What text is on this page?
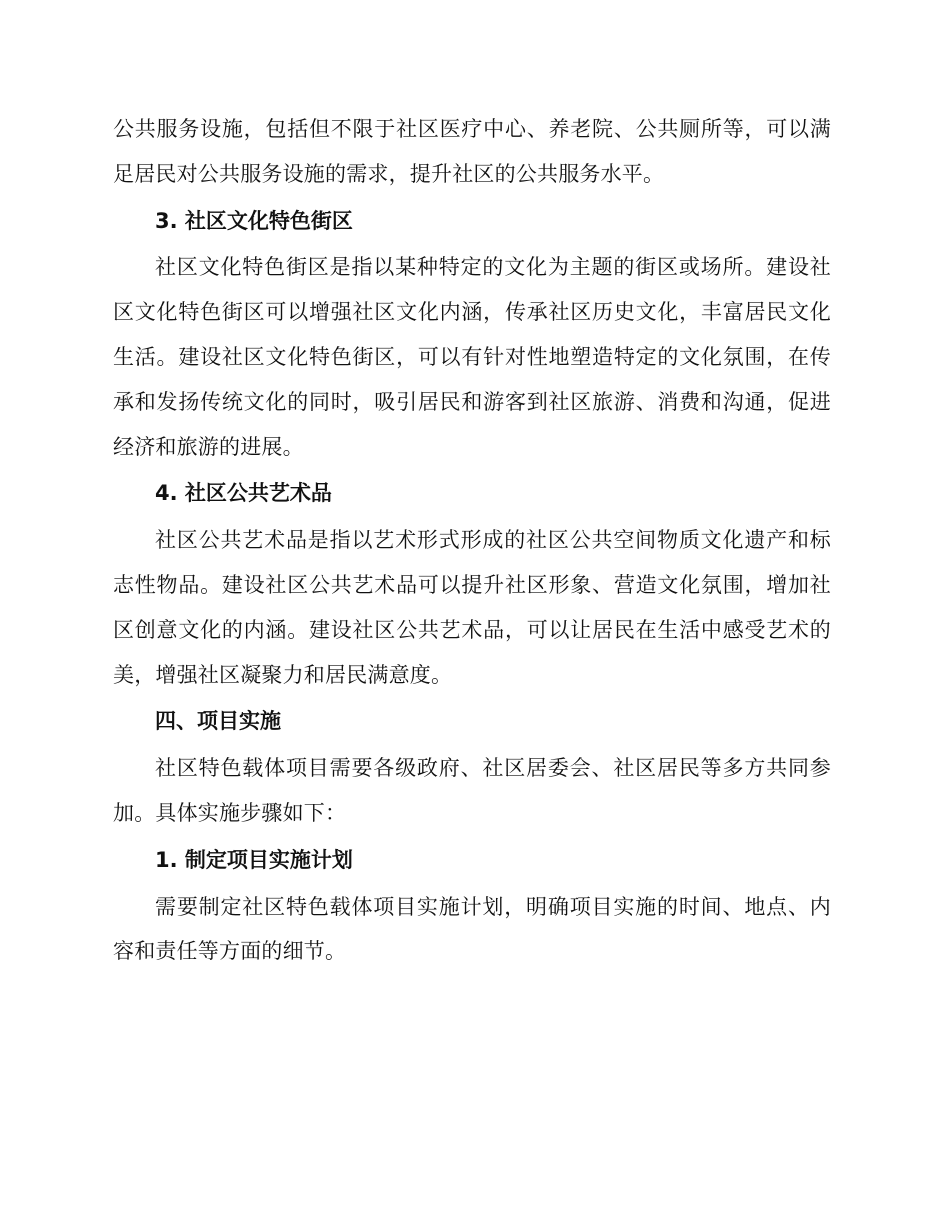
公共服务设施，包括但不限于社区医疗中心、养老院、公共厕所等，可以满足居民对公共服务设施的需求，提升社区的公共服务水平。

3. 社区文化特色街区

社区文化特色街区是指以某种特定的文化为主题的街区或场所。建设社区文化特色街区可以增强社区文化内涵，传承社区历史文化，丰富居民文化生活。建设社区文化特色街区，可以有针对性地塑造特定的文化氛围，在传承和发扬传统文化的同时，吸引居民和游客到社区旅游、消费和沟通，促进经济和旅游的进展。

4. 社区公共艺术品

社区公共艺术品是指以艺术形式形成的社区公共空间物质文化遗产和标志性物品。建设社区公共艺术品可以提升社区形象、营造文化氛围，增加社区创意文化的内涵。建设社区公共艺术品，可以让居民在生活中感受艺术的美，增强社区凝聚力和居民满意度。

四、项目实施

社区特色载体项目需要各级政府、社区居委会、社区居民等多方共同参加。具体实施步骤如下：

1. 制定项目实施计划

需要制定社区特色载体项目实施计划，明确项目实施的时间、地点、内容和责任等方面的细节。
